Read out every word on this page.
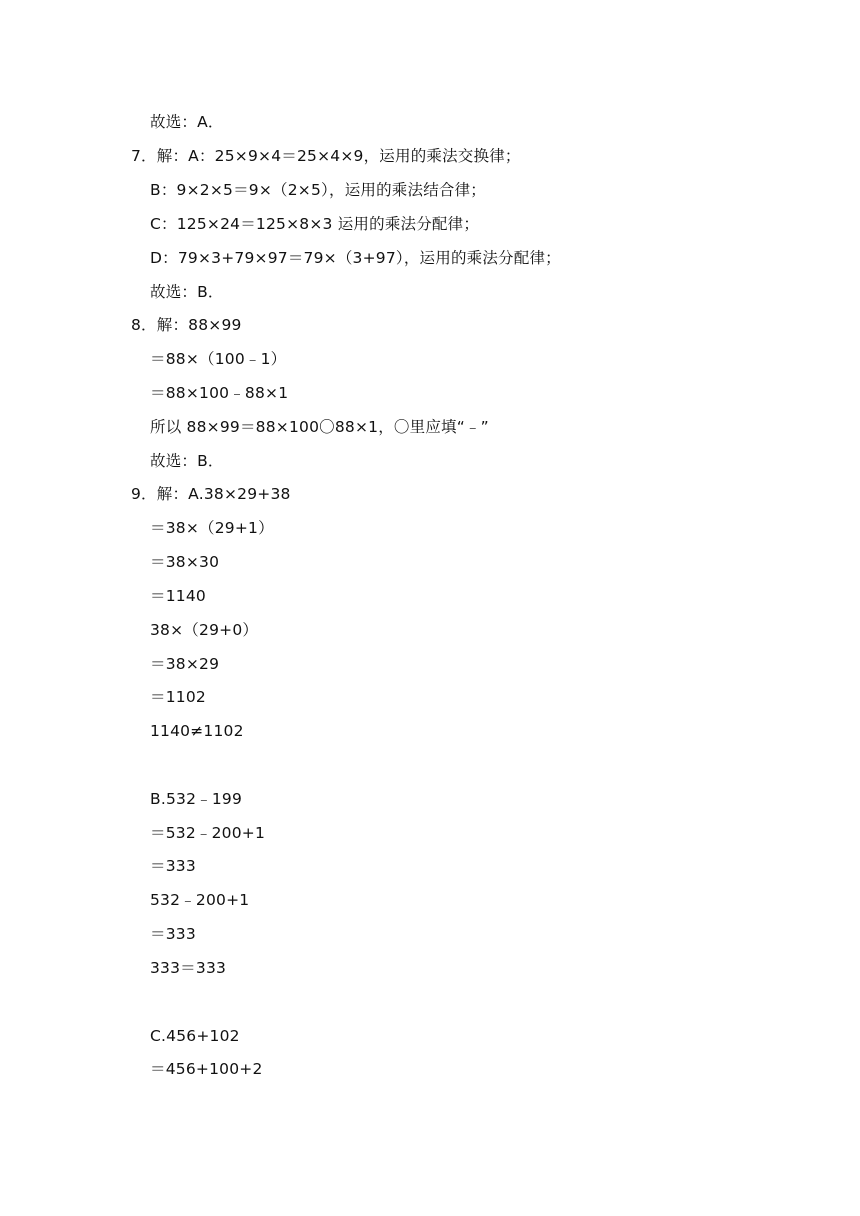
故选：A．
7．解：A：25×9×4＝25×4×9，运用的乘法交换律；
B：9×2×5＝9×（2×5），运用的乘法结合律；
C：125×24＝125×8×3 运用的乘法分配律；
D：79×3+79×97＝79×（3+97），运用的乘法分配律；
故选：B．
8．解：88×99
＝88×（100﹣1）
＝88×100﹣88×1
所以 88×99＝88×100〇88×1，〇里应填“﹣”
故选：B．
9．解：A.38×29+38
＝38×（29+1）
＝38×30
＝1140
38×（29+0）
＝38×29
＝1102
1140≠1102
B.532﹣199
＝532﹣200+1
＝333
532﹣200+1
＝333
333＝333
C.456+102
＝456+100+2
